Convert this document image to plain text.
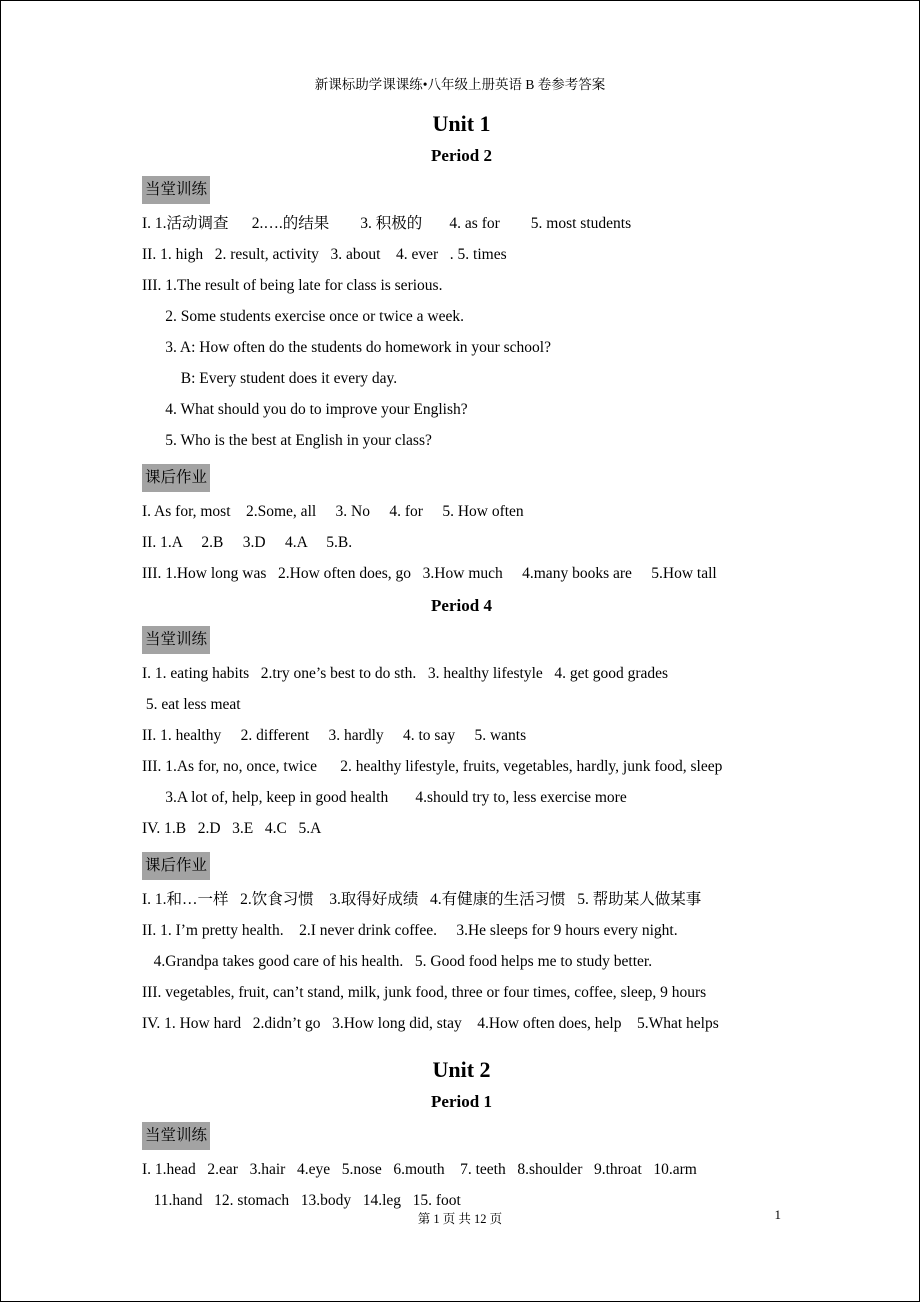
新课标助学课课练•八年级上册英语 B 卷参考答案
Unit 1
Period 2
当堂训练
I. 1.活动调查      2.….的结果        3. 积极的       4. as for        5. most students
II. 1. high   2. result, activity   3. about    4. ever   . 5. times
III. 1.The result of being late for class is serious.
2. Some students exercise once or twice a week.
3. A: How often do the students do homework in your school?
B: Every student does it every day.
4. What should you do to improve your English?
5. Who is the best at English in your class?
课后作业
I. As for, most    2.Some, all     3. No     4. for     5. How often
II. 1.A     2.B     3.D     4.A     5.B.
III. 1.How long was   2.How often does, go   3.How much     4.many books are     5.How tall
Period 4
当堂训练
I. 1. eating habits   2.try one’s best to do sth.   3. healthy lifestyle   4. get good grades
5. eat less meat
II. 1. healthy     2. different     3. hardly     4. to say     5. wants
III. 1.As for, no, once, twice      2. healthy lifestyle, fruits, vegetables, hardly, junk food, sleep
3.A lot of, help, keep in good health       4.should try to, less exercise more
IV. 1.B   2.D   3.E   4.C   5.A
课后作业
I. 1.和…一样   2.饮食习惯    3.取得好成绩   4.有健康的生活习惯   5. 帮助某人做某事
II. 1. I’m pretty health.    2.I never drink coffee.     3.He sleeps for 9 hours every night.
4.Grandpa takes good care of his health.   5. Good food helps me to study better.
III. vegetables, fruit, can’t stand, milk, junk food, three or four times, coffee, sleep, 9 hours
IV. 1. How hard   2.didn’t go   3.How long did, stay    4.How often does, help    5.What helps
Unit 2
Period 1
当堂训练
I. 1.head   2.ear   3.hair   4.eye   5.nose   6.mouth    7. teeth   8.shoulder   9.throat   10.arm
11.hand   12. stomach   13.body   14.leg   15. foot
第 1 页 共 12 页	1
